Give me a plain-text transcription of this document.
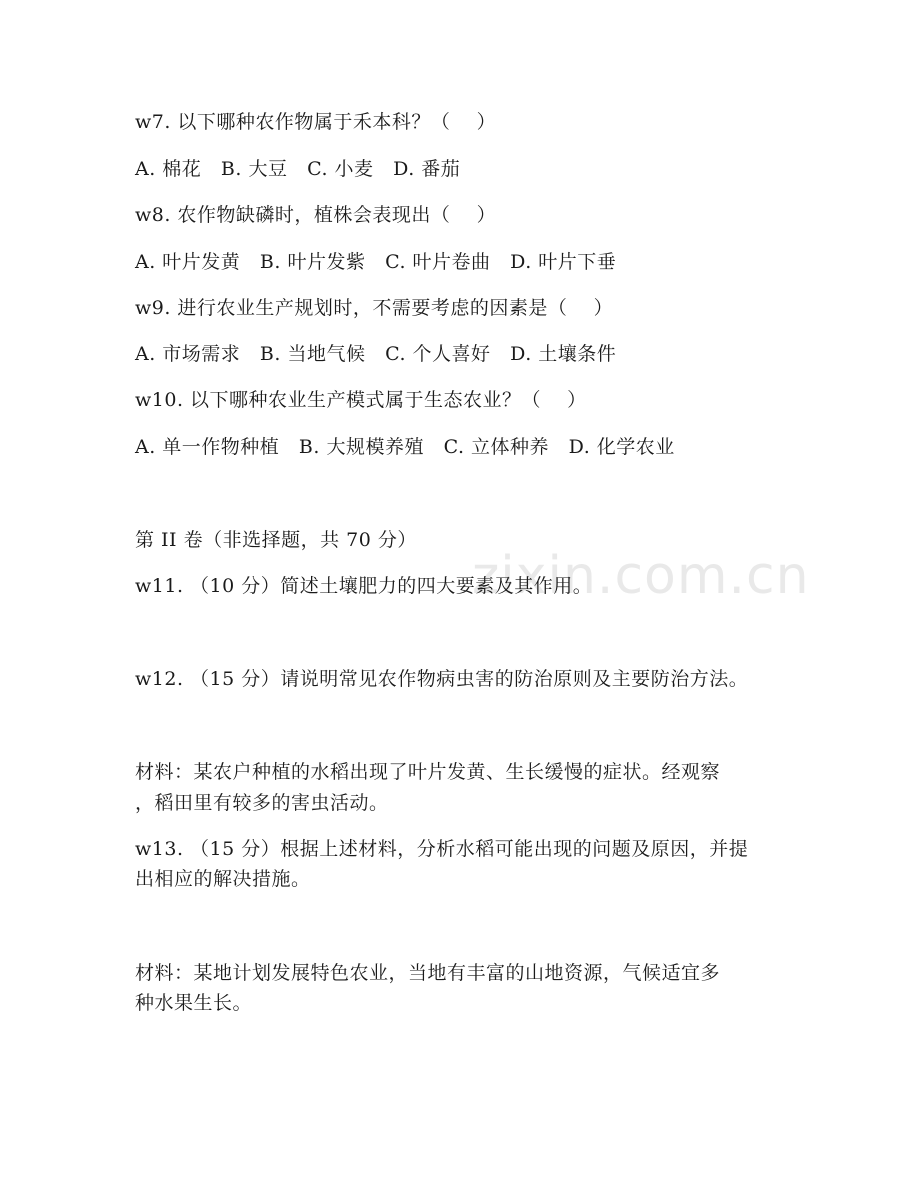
zixin.com.cn
w7. 以下哪种农作物属于禾本科？（    ）
A. 棉花   B. 大豆   C. 小麦   D. 番茄
w8. 农作物缺磷时，植株会表现出（    ）
A. 叶片发黄   B. 叶片发紫   C. 叶片卷曲   D. 叶片下垂
w9. 进行农业生产规划时，不需要考虑的因素是（    ）
A. 市场需求   B. 当地气候   C. 个人喜好   D. 土壤条件
w10. 以下哪种农业生产模式属于生态农业？（    ）
A. 单一作物种植   B. 大规模养殖   C. 立体种养   D. 化学农业
第 II 卷（非选择题，共 70 分）
w11. （10 分）简述土壤肥力的四大要素及其作用。
w12. （15 分）请说明常见农作物病虫害的防治原则及主要防治方法。
材料：某农户种植的水稻出现了叶片发黄、生长缓慢的症状。经观察
，稻田里有较多的害虫活动。
w13. （15 分）根据上述材料，分析水稻可能出现的问题及原因，并提
出相应的解决措施。
材料：某地计划发展特色农业，当地有丰富的山地资源，气候适宜多
种水果生长。
